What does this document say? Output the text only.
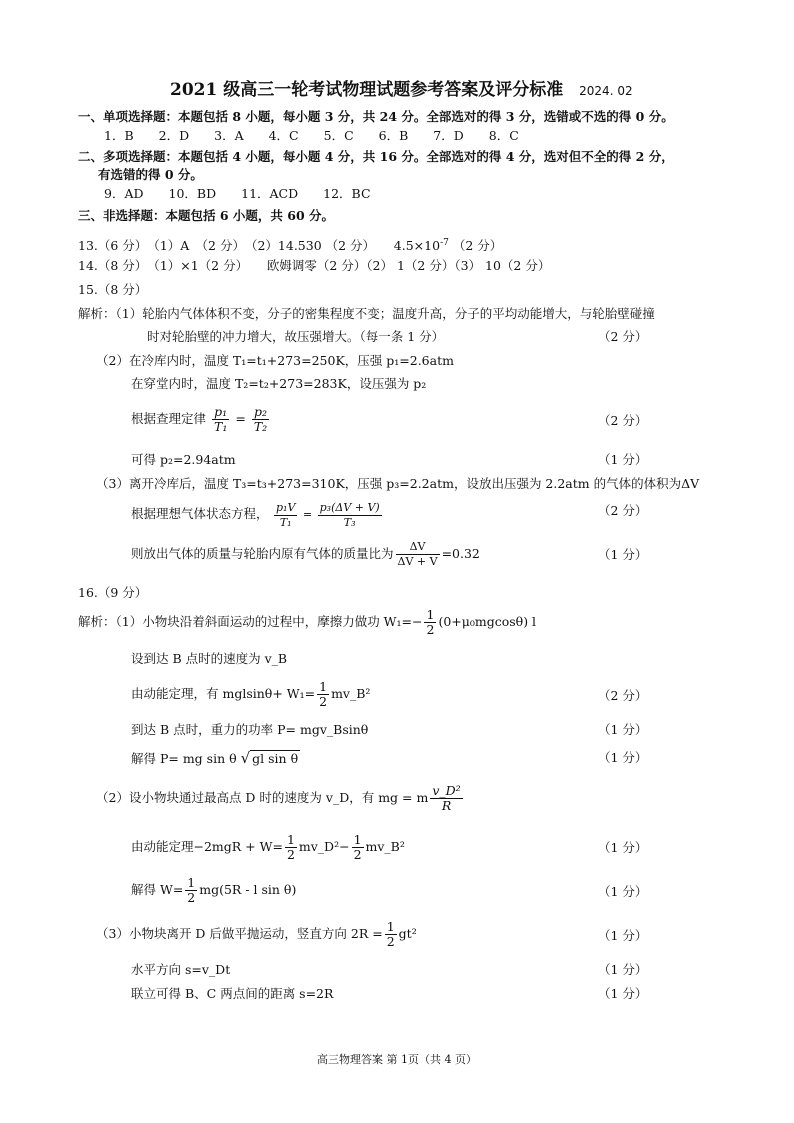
2021 级高三一轮考试物理试题参考答案及评分标准 2024. 02
一、单项选择题：本题包括 8 小题，每小题 3 分，共 24 分。全部选对的得 3 分，选错或不选的得 0 分。
1．B　　2．D　　3．A　　4．C　　5．C　　6．B　　7．D　　8．C
二、多项选择题：本题包括 4 小题，每小题 4 分，共 16 分。全部选对的得 4 分，选对但不全的得 2 分，
有选错的得 0 分。
9．AD　　10．BD　　11．ACD　　12．BC
三、非选择题：本题包括 6 小题，共 60 分。
13.（6 分）　（1）A　（2 分）　（2）14.530 （2 分）　　$4.5\times 10^{-7}$ （2 分）
14.（8 分）　（1）×1（2 分）　　欧姆调零（2 分）（2） 1（2 分）（3） 10（2 分）
15.（8 分）
解析：（1）轮胎内气体体积不变，分子的密集程度不变；温度升高，分子的平均动能增大，与轮胎壁碰撞
时对轮胎壁的冲力增大，故压强增大。（每一条 1 分）	（2 分）
（2）在冷库内时，温度 T₁=t₁+273=250K，压强 p₁=2.6atm
在穿堂内时，温度 T₂=t₂+273=283K，设压强为 p₂
根据查理定律 $\frac{\text{p₁}}{\text{T₁}} = \frac{\text{p₂}}{\text{T₂}}$	（2 分）
可得 p₂=2.94atm	（1 分）
（3）离开冷库后，温度 T₃=t₃+273=310K，压强 p₃=2.2atm，设放出压强为 2.2atm 的气体的体积为ΔV
根据理想气体状态方程， $\frac{\text{p₁V}}{\text{T₁}} = \frac{\text{p₃(ΔV + V)}}{\text{T₃}}$	（2 分）
则放出气体的质量与轮胎内原有气体的质量比为 $\frac{\Delta V}{\Delta V + V} =0.32$	（1 分）
16.（9 分）
解析：（1）小物块沿着斜面运动的过程中，摩擦力做功 $W_1=- \frac{1}{2} (0+\mu_0mgcos\theta)$ l
设到达 B 点时的速度为 v_B
由动能定理，有 $mglsin\theta+ W_1= \frac{1}{2}$ mv_B²	（2 分）
到达 B 点时，重力的功率 P= mgv_Bsinθ	（1 分）
解得 P= mg sin θ √ gl sin θ	（1 分）
（2）设小物块通过最高点 D 时的速度为 v_D，有 mg = m $\frac{\text{v\_D²}}{R}$
由动能定理$-2mgR + W= \frac{1}{2}$ mv_D²− $\frac{1}{2}$ mv_B²	（1 分）
解得 $W= \frac{1}{2} mg(5R - l$ sin θ)	（1 分）
（3）小物块离开 D 后做平抛运动，竖直方向 $2R = \frac{1}{2} gt^2$	（1 分）
水平方向 s=v_Dt	（1 分）
联立可得 B、C 两点间的距离 s=2R	（1 分）
高三物理答案 第 1页（共 4 页）
